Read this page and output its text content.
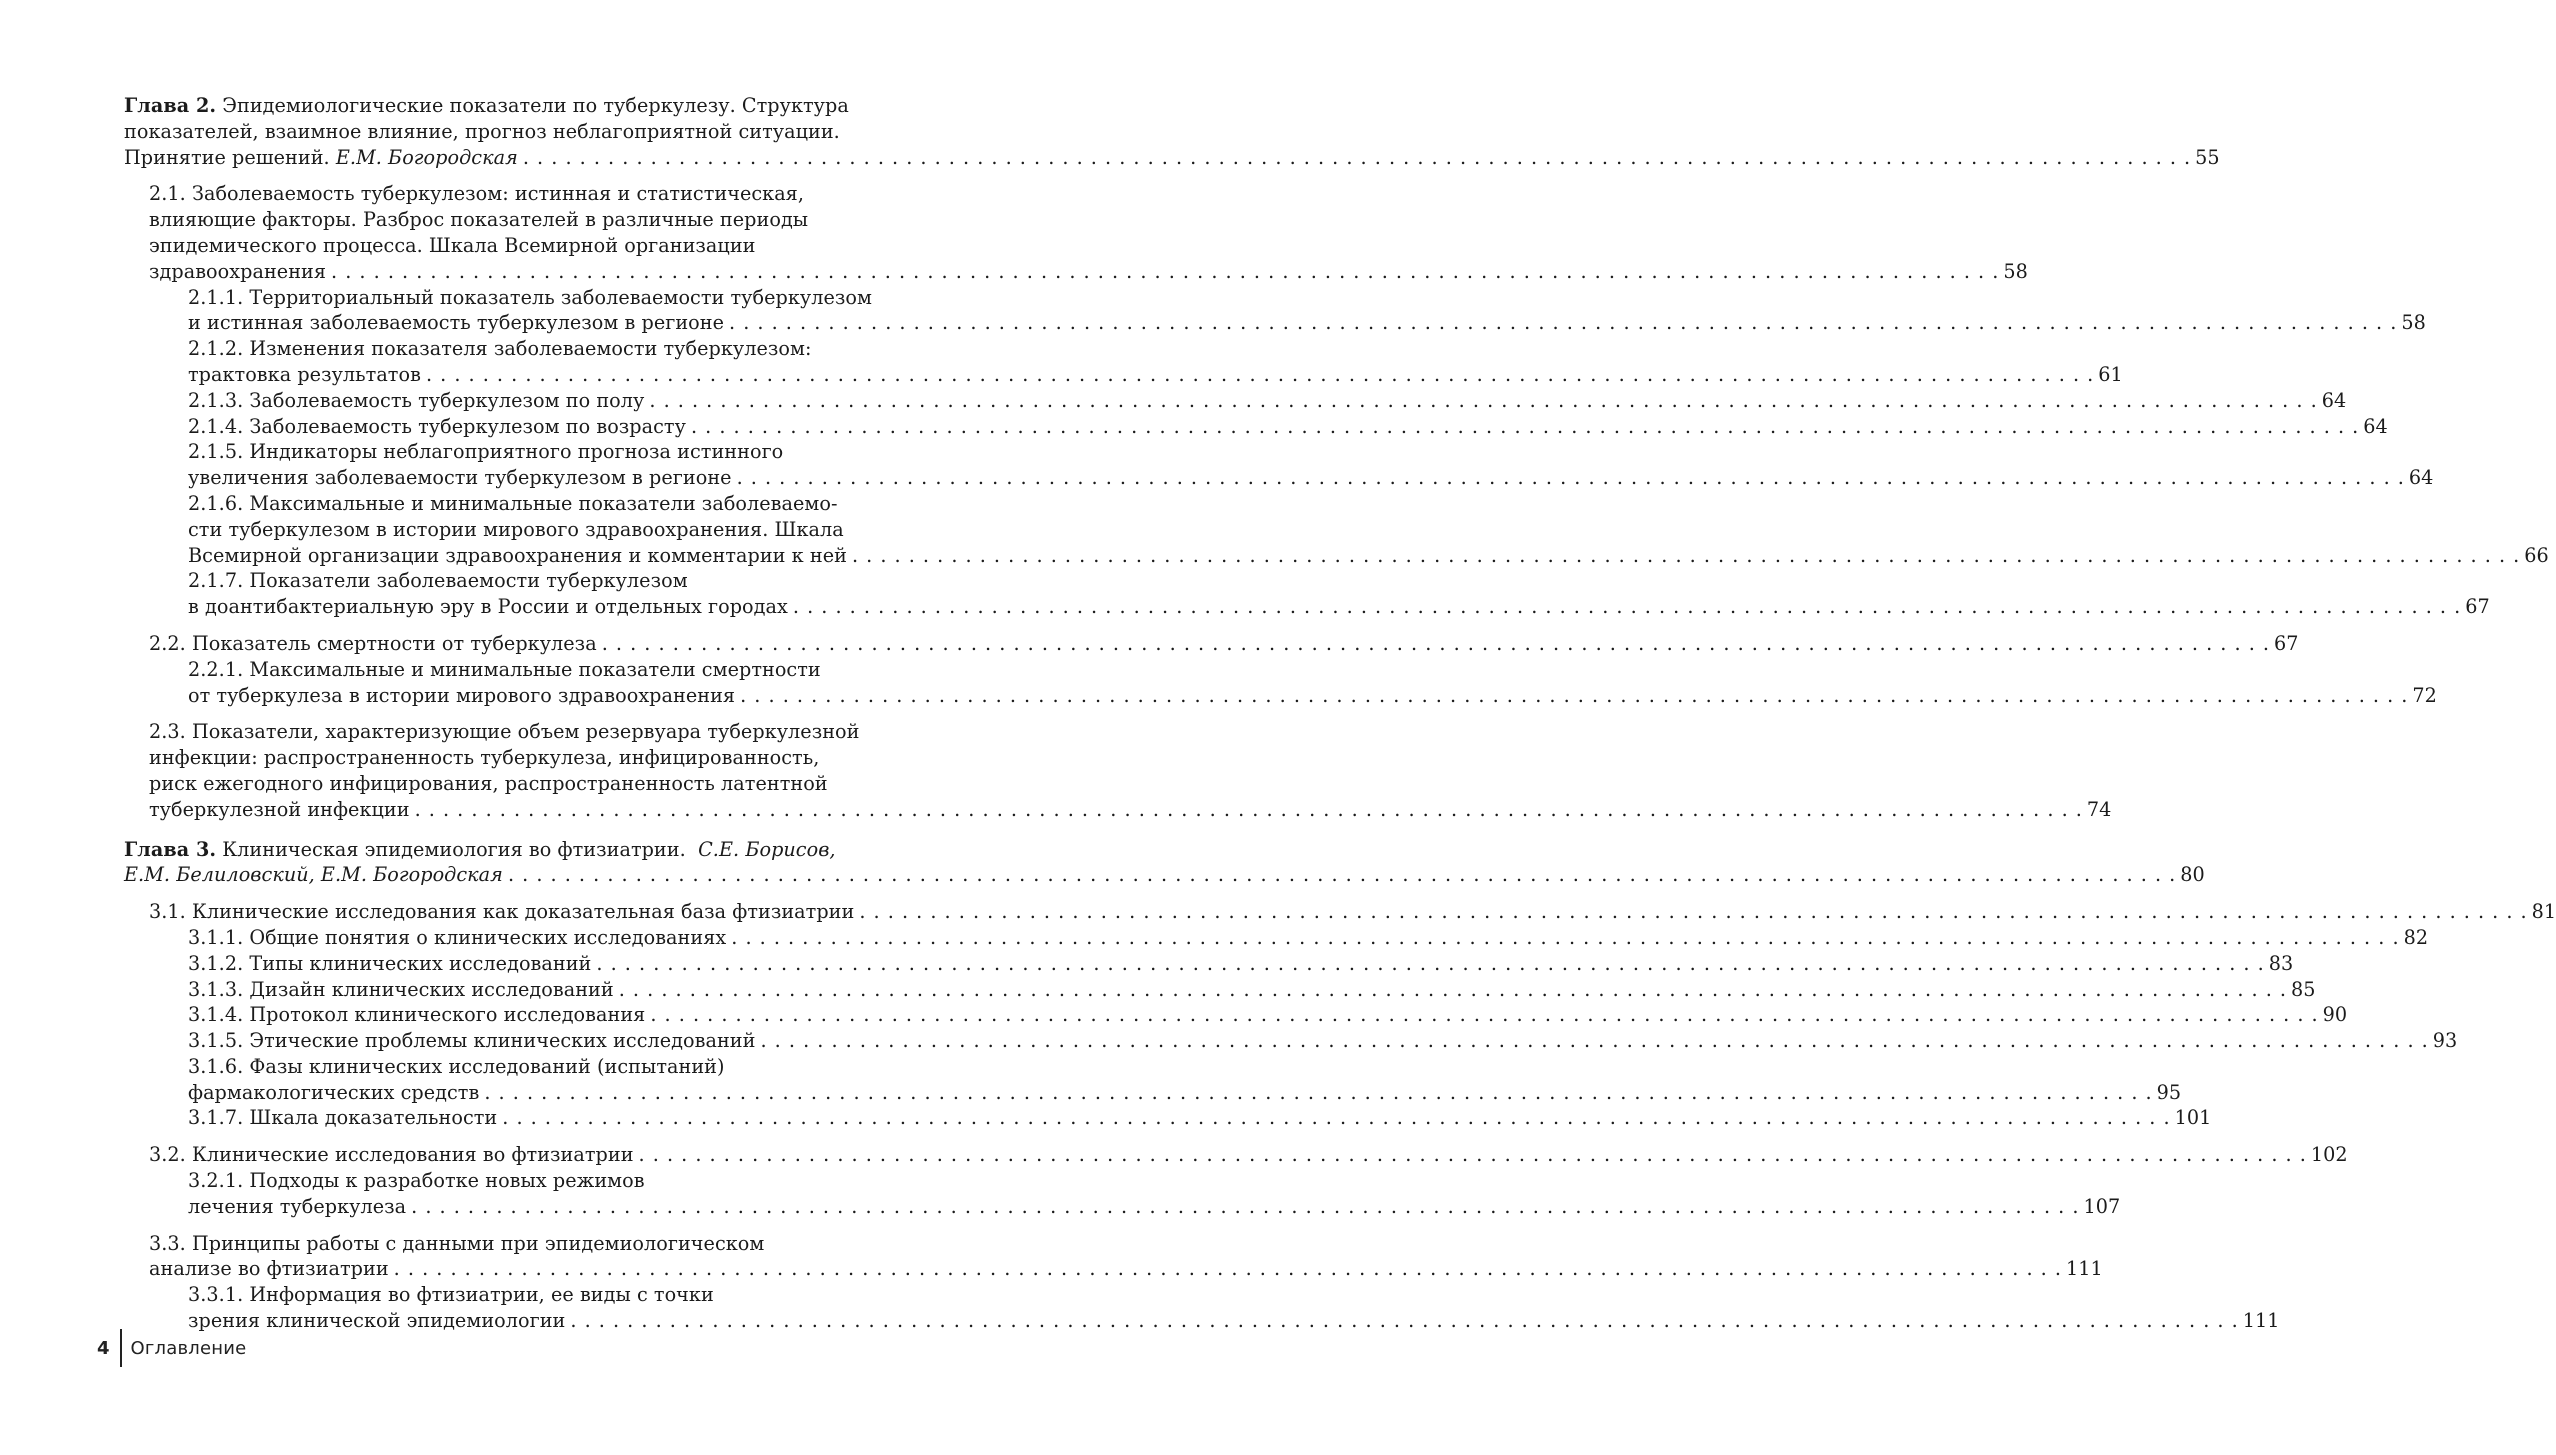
Глава 2. Эпидемиологические показатели по туберкулезу. Структура
показателей, взаимное влияние, прогноз неблагоприятной ситуации.
Принятие решений. Е.М. Богородская . . .	55
2.1. Заболеваемость туберкулезом: истинная и статистическая,
влияющие факторы. Разброс показателей в различные периоды
эпидемического процесса. Шкала Всемирной организации
здравоохранения . . .	58
2.1.1. Территориальный показатель заболеваемости туберкулезом
и истинная заболеваемость туберкулезом в регионе . . .	58
2.1.2. Изменения показателя заболеваемости туберкулезом:
трактовка результатов . . .	61
2.1.3. Заболеваемость туберкулезом по полу . . .	64
2.1.4. Заболеваемость туберкулезом по возрасту . . .	64
2.1.5. Индикаторы неблагоприятного прогноза истинного
увеличения заболеваемости туберкулезом в регионе . . .	64
2.1.6. Максимальные и минимальные показатели заболеваемо-
сти туберкулезом в истории мирового здравоохранения. Шкала
Всемирной организации здравоохранения и комментарии к ней . . .	66
2.1.7. Показатели заболеваемости туберкулезом
в доантибактериальную эру в России и отдельных городах . . .	67
2.2. Показатель смертности от туберкулеза . . .	67
2.2.1. Максимальные и минимальные показатели смертности
от туберкулеза в истории мирового здравоохранения . . .	72
2.3. Показатели, характеризующие объем резервуара туберкулезной
инфекции: распространенность туберкулеза, инфицированность,
риск ежегодного инфицирования, распространенность латентной
туберкулезной инфекции . . .	74
Глава 3. Клиническая эпидемиология во фтизиатрии. С.Е. Борисов,
Е.М. Белиловский, Е.М. Богородская . . .	80
3.1. Клинические исследования как доказательная база фтизиатрии . . .	81
3.1.1. Общие понятия о клинических исследованиях . . .	82
3.1.2. Типы клинических исследований . . .	83
3.1.3. Дизайн клинических исследований . . .	85
3.1.4. Протокол клинического исследования . . .	90
3.1.5. Этические проблемы клинических исследований . . .	93
3.1.6. Фазы клинических исследований (испытаний)
фармакологических средств . . .	95
3.1.7. Шкала доказательности . . .	101
3.2. Клинические исследования во фтизиатрии . . .	102
3.2.1. Подходы к разработке новых режимов
лечения туберкулеза . . .	107
3.3. Принципы работы с данными при эпидемиологическом
анализе во фтизиатрии . . .	111
3.3.1. Информация во фтизиатрии, ее виды с точки
зрения клинической эпидемиологии . . .	111
4 Оглавление
